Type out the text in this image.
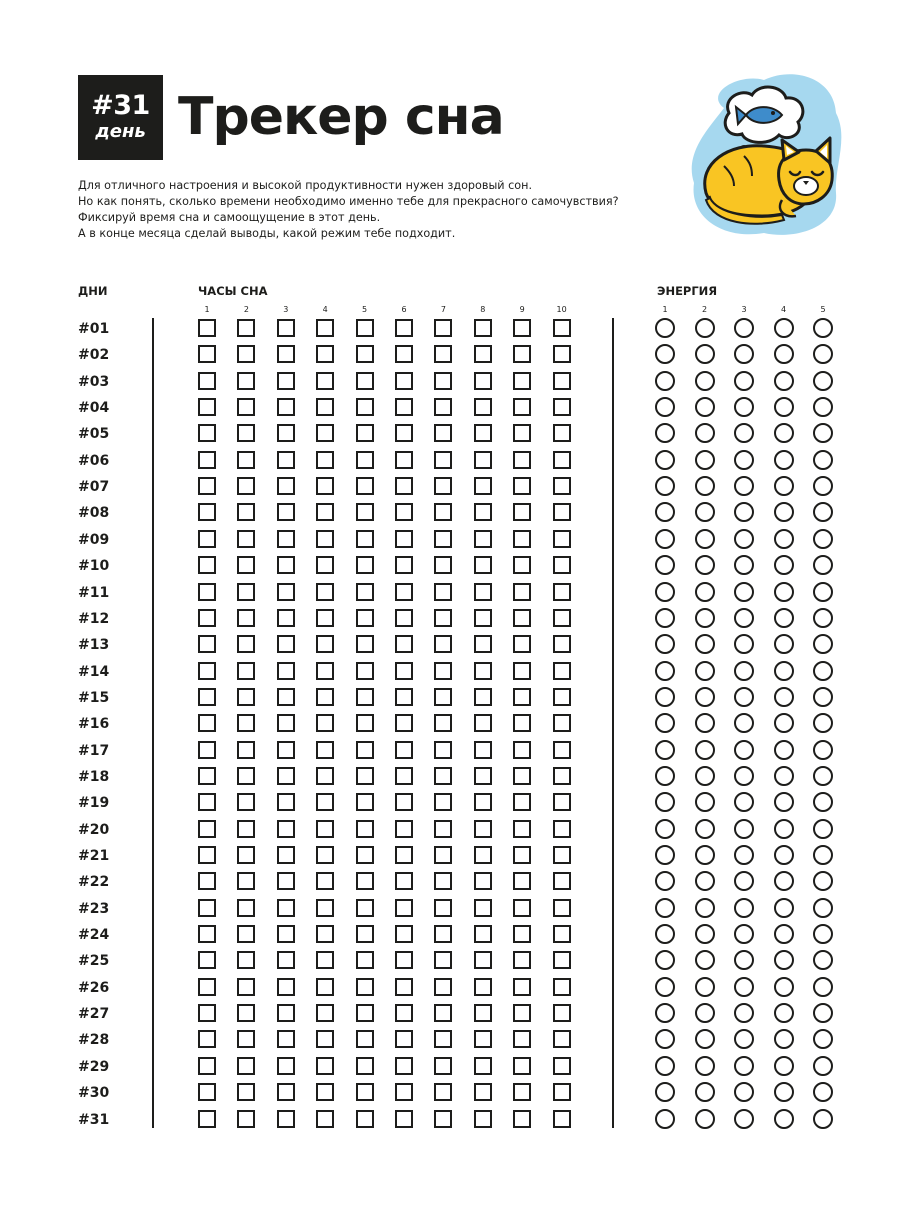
#31
день Трекер сна
Для отличного настроения и высокой продуктивности нужен здоровый сон.
Но как понять, сколько времени необходимо именно тебе для прекрасного самочувствия?
Фиксируй время сна и самоощущение в этот день.
А в конце месяца сделай выводы, какой режим тебе подходит.
ДНИ	ЧАСЫ СНА	ЭНЕРГИЯ
1	2	3	4	5	6	7	8	9	10	1	2	3	4	5
#01
#02
#03
#04
#05
#06
#07
#08
#09
#10
#11
#12
#13
#14
#15
#16
#17
#18
#19
#20
#21
#22
#23
#24
#25
#26
#27
#28
#29
#30
#31
